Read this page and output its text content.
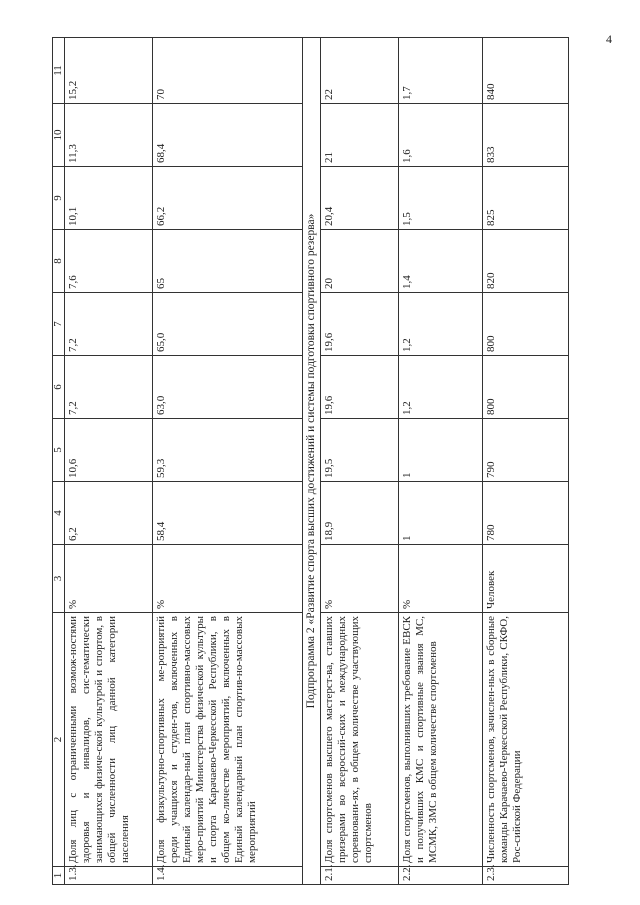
4
1	2	3	4	5	6	7	8	9	10	11
1.3.	Доля лиц с ограниченными возмож-ностями здоровья и инвалидов, сис-тематически занимающихся физиче-ской культурой и спортом, в общей численности лиц данной категории населения	%	6,2	10,6	7,2	7,2	7,6	10,1	11,3	15,2
1.4.	Доля физкультурно-спортивных ме-роприятий среди учащихся и студен-тов, включенных в Единый календар-ный план спортивно-массовых меро-приятий Министерства физической культуры и спорта Карачаево-Черкесской Республики, в общем ко-личестве мероприятий, включенных в Единый календарный план спортив-но-массовых мероприятий	%	58,4	59,3	63,0	65,0	65	66,2	68,4	70
Подпрограмма 2 «Развитие спорта высших достижений и системы подготовки спортивного резерва»										
2.1.	Доля спортсменов высшего мастерст-ва, ставших призерами во всероссий-ских и международных соревновани-ях, в общем количестве участвующих спортсменов	%	18,9	19,5	19,6	19,6	20	20,4	21	22
2.2.	Доля спортсменов, выполнивших требование ЕВСК и получивших КМС и спортивные звания МС, МСМК, ЗМС в общем количестве спортсменов	%	1	1	1,2	1,2	1,4	1,5	1,6	1,7
2.3.	Численность спортсменов, зачислен-ных в сборные команды Карачаево-Черкесской Республики, СКФО, Рос-сийской Федерации	Человек	780	790	800	800	820	825	833	840
